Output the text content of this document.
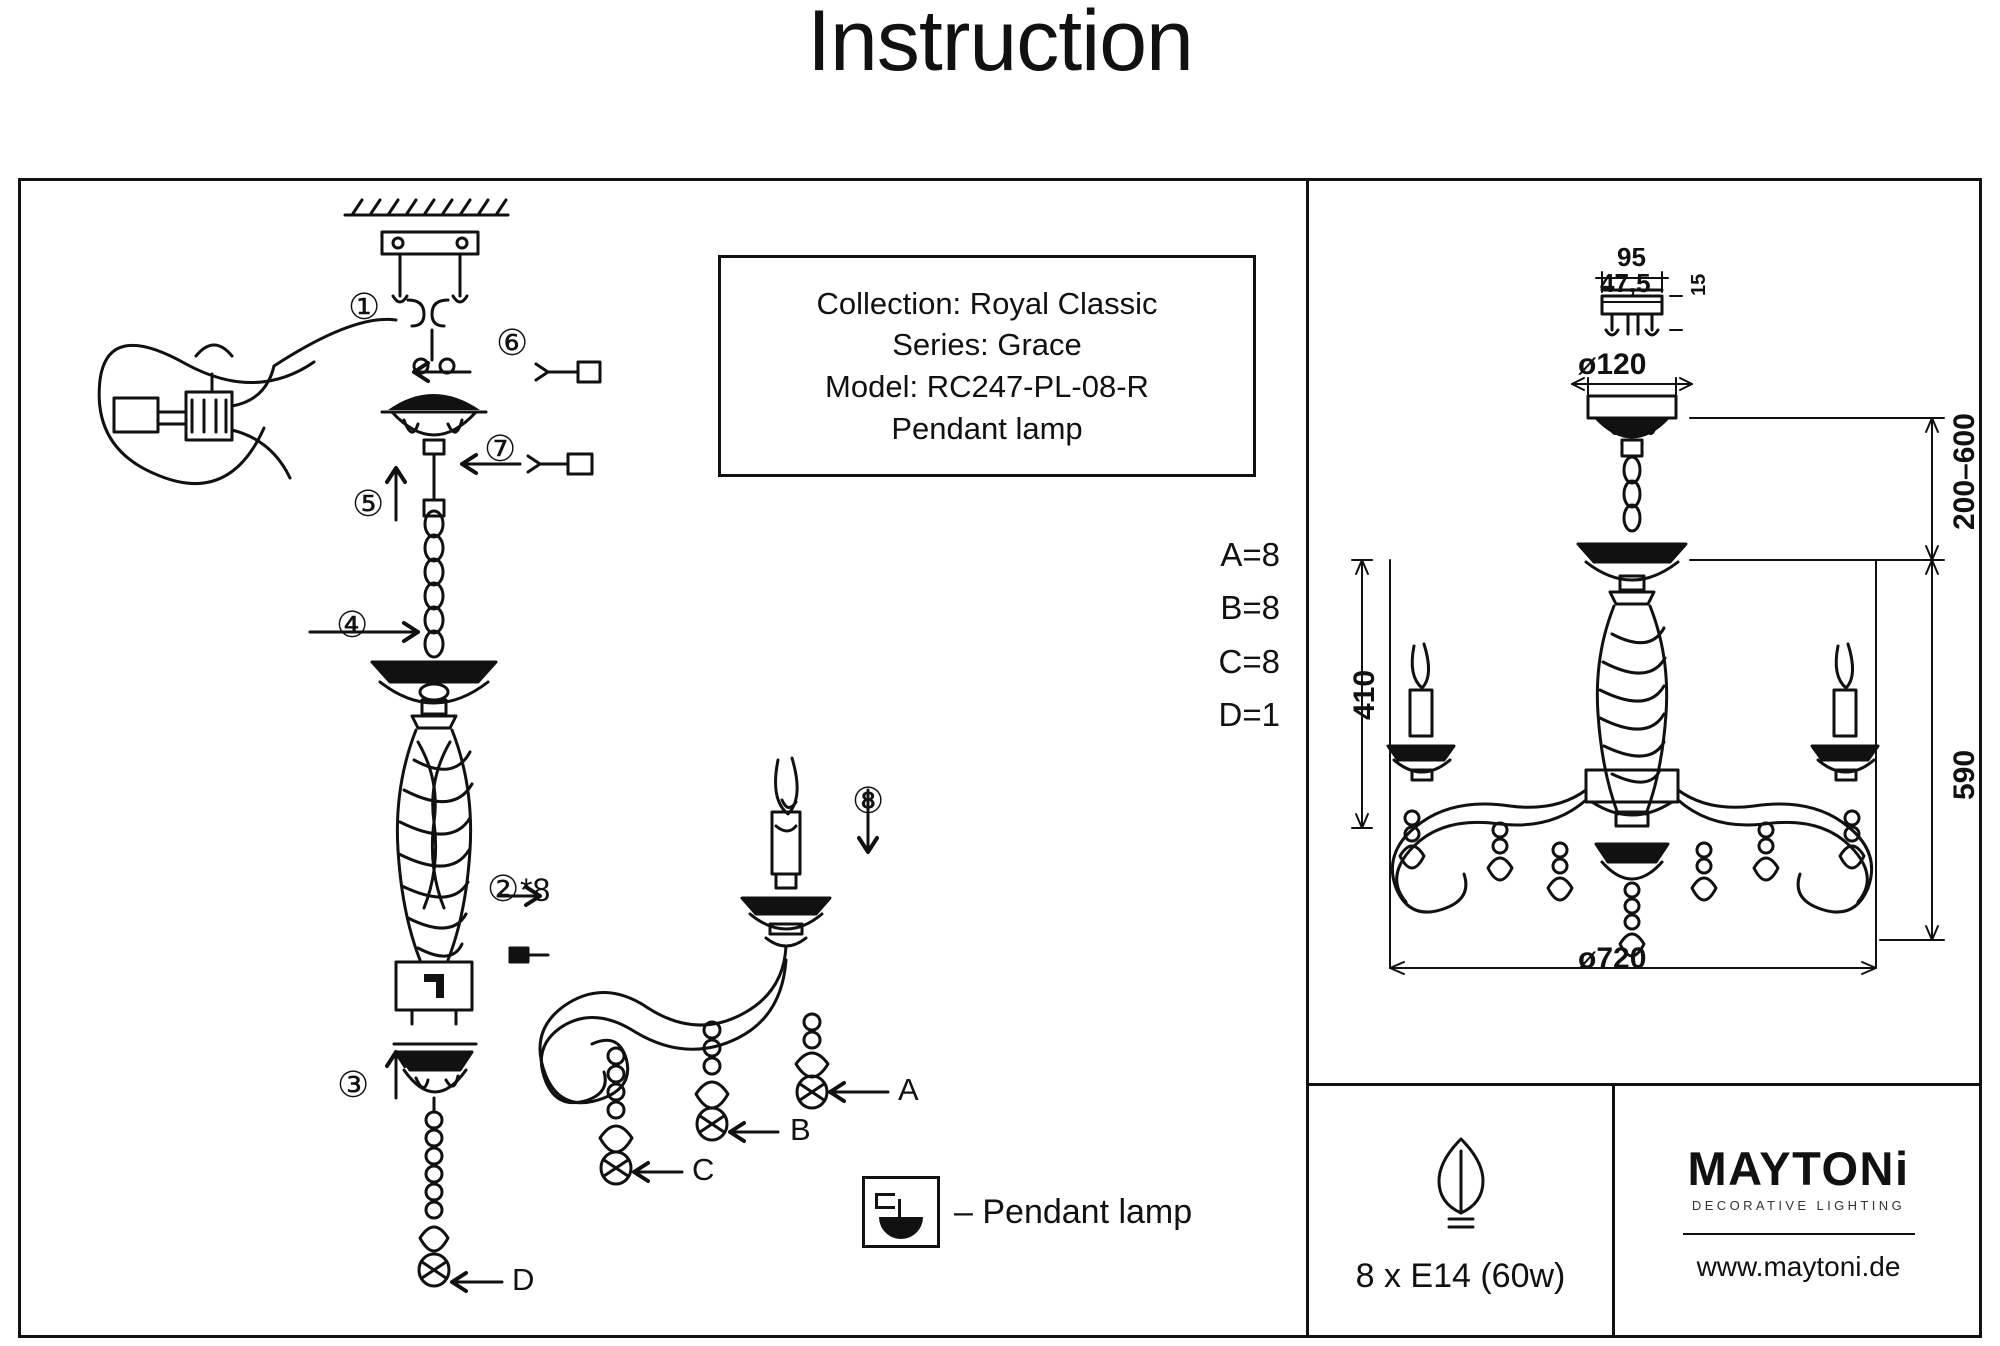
Instruction
①
⑥
⑦
⑤
④
② *8
③
⑧
A
B
C
D
Collection: Royal Classic
Series: Grace
Model: RC247-PL-08-R
Pendant lamp
A=8
B=8
C=8
D=1
– Pendant lamp
95
47,5 15
ø120
200–600
410
590
ø720
8 x E14 (60w)
MAYTONi
DECORATIVE LIGHTING
www.maytoni.de
